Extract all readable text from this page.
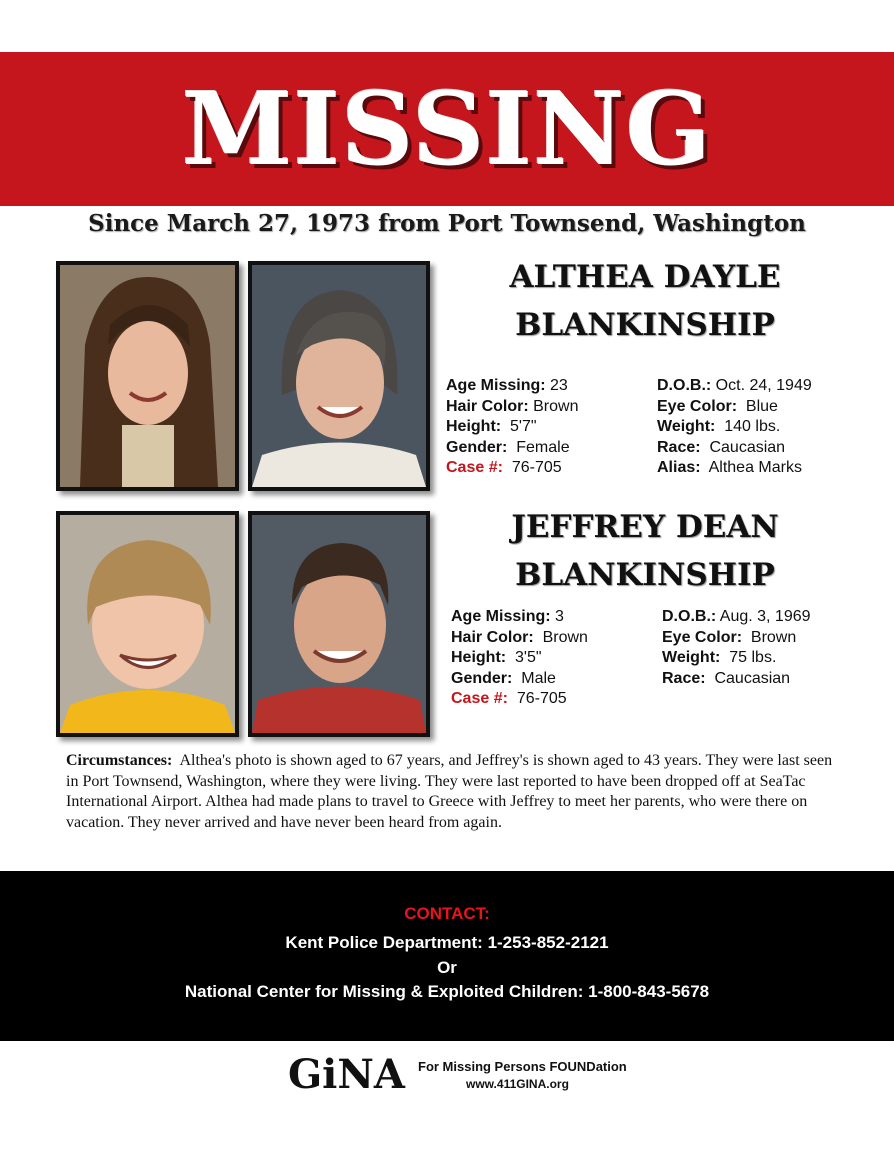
MISSING
Since March 27, 1973 from Port Townsend, Washington
ALTHEA DAYLE
BLANKINSHIP
JEFFREY DEAN
BLANKINSHIP
Age Missing: 23
Hair Color: Brown
Height: 5'7"
Gender: Female
Case #: 76-705
D.O.B.: Oct. 24, 1949
Eye Color: Blue
Weight: 140 lbs.
Race: Caucasian
Alias: Althea Marks
Age Missing: 3
Hair Color: Brown
Height: 3'5"
Gender: Male
Case #: 76-705
D.O.B.: Aug. 3, 1969
Eye Color: Brown
Weight: 75 lbs.
Race: Caucasian
Circumstances: Althea's photo is shown aged to 67 years, and Jeffrey's is shown aged to 43 years. They were last seen in Port Townsend, Washington, where they were living. They were last reported to have been dropped off at SeaTac International Airport. Althea had made plans to travel to Greece with Jeffrey to meet her parents, who were there on vacation. They never arrived and have never been heard from again.
CONTACT:
Kent Police Department: 1-253-852-2121
Or
National Center for Missing & Exploited Children: 1-800-843-5678
GiNA For Missing Persons FOUNDation
www.411GINA.org
